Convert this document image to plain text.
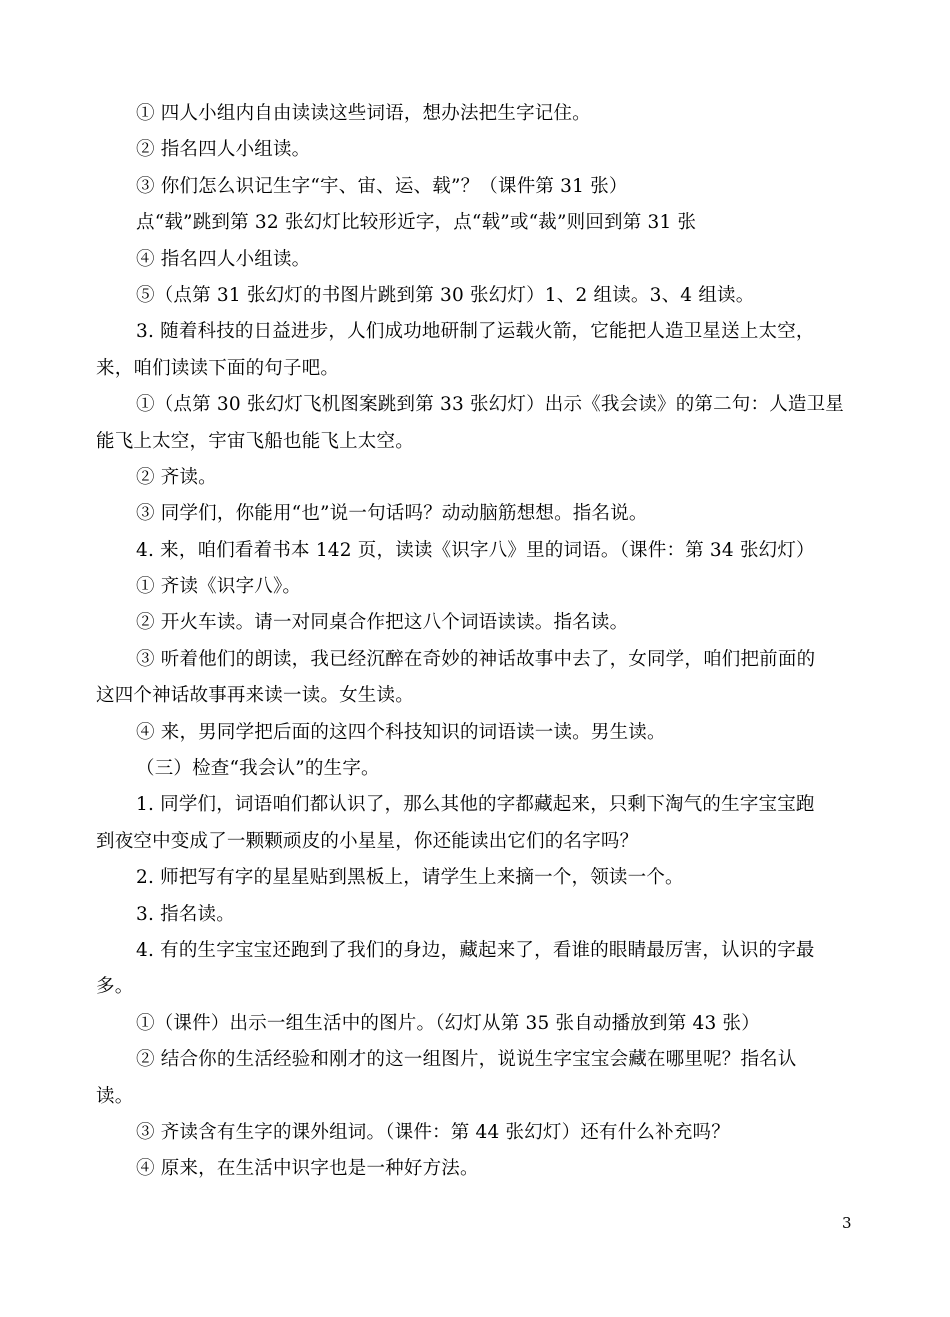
① 四人小组内自由读读这些词语，想办法把生字记住。
② 指名四人小组读。
③ 你们怎么识记生字“宇、宙、运、载”？（课件第 31 张）
点“载”跳到第 32 张幻灯比较形近字，点“载”或“裁”则回到第 31 张
④ 指名四人小组读。
⑤（点第 31 张幻灯的书图片跳到第 30 张幻灯）1、2 组读。3、4 组读。
3. 随着科技的日益进步，人们成功地研制了运载火箭，它能把人造卫星送上太空，
来，咱们读读下面的句子吧。
①（点第 30 张幻灯飞机图案跳到第 33 张幻灯）出示《我会读》的第二句：人造卫星
能飞上太空，宇宙飞船也能飞上太空。
② 齐读。
③ 同学们，你能用“也”说一句话吗？动动脑筋想想。指名说。
4. 来，咱们看着书本 142 页，读读《识字八》里的词语。（课件：第 34 张幻灯）
① 齐读《识字八》。
② 开火车读。请一对同桌合作把这八个词语读读。指名读。
③ 听着他们的朗读，我已经沉醉在奇妙的神话故事中去了，女同学，咱们把前面的
这四个神话故事再来读一读。女生读。
④ 来，男同学把后面的这四个科技知识的词语读一读。男生读。
（三）检查“我会认”的生字。
1. 同学们，词语咱们都认识了，那么其他的字都藏起来，只剩下淘气的生字宝宝跑
到夜空中变成了一颗颗顽皮的小星星，你还能读出它们的名字吗？
2. 师把写有字的星星贴到黑板上，请学生上来摘一个，领读一个。
3. 指名读。
4. 有的生字宝宝还跑到了我们的身边，藏起来了，看谁的眼睛最厉害，认识的字最
多。
①（课件）出示一组生活中的图片。（幻灯从第 35 张自动播放到第 43 张）
② 结合你的生活经验和刚才的这一组图片，说说生字宝宝会藏在哪里呢？指名认
读。
③ 齐读含有生字的课外组词。（课件：第 44 张幻灯）还有什么补充吗？
④ 原来，在生活中识字也是一种好方法。
3
